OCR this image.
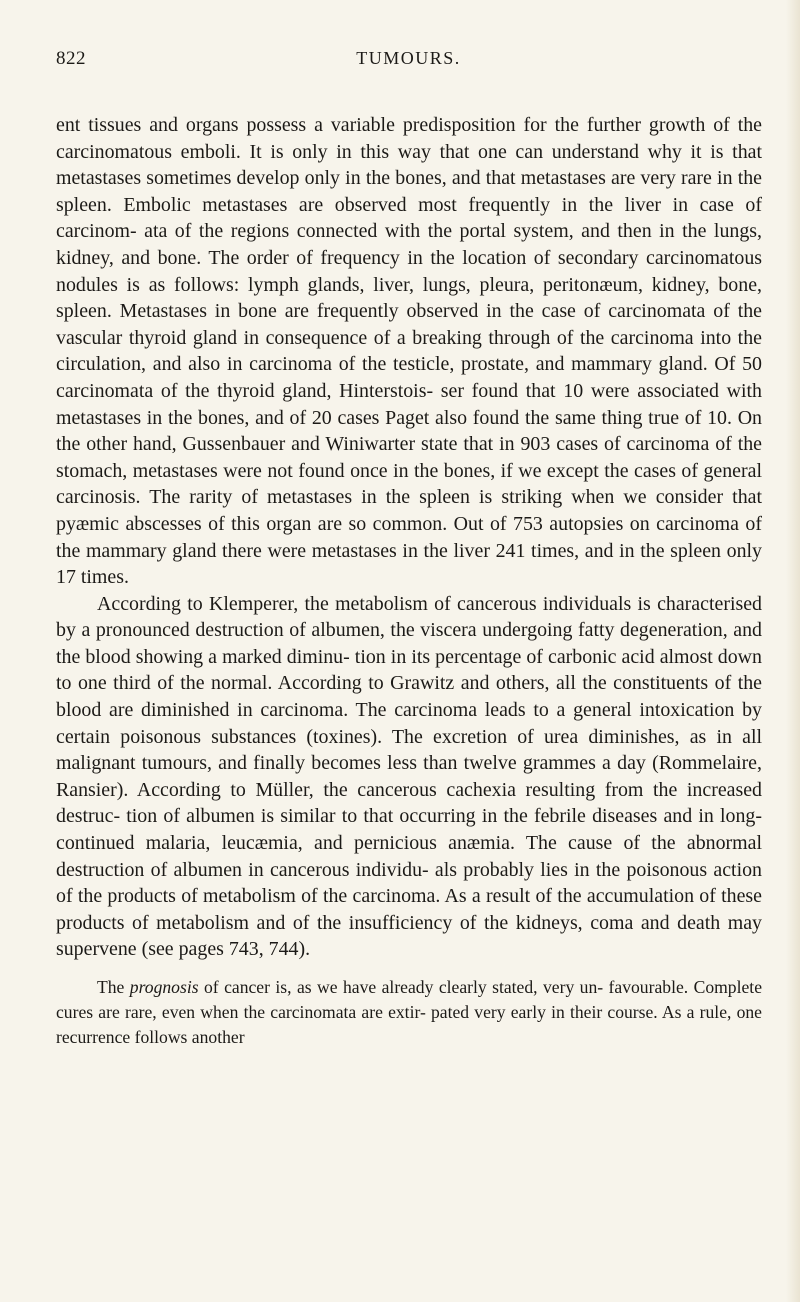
822	TUMOURS.

ent tissues and organs possess a variable predisposition for the further growth of the carcinomatous emboli. It is only in this way that one can understand why it is that metastases sometimes develop only in the bones, and that metastases are very rare in the spleen. Embolic metastases are observed most frequently in the liver in case of carcinom- ata of the regions connected with the portal system, and then in the lungs, kidney, and bone. The order of frequency in the location of secondary carcinomatous nodules is as follows: lymph glands, liver, lungs, pleura, peritonæum, kidney, bone, spleen. Metastases in bone are frequently observed in the case of carcinomata of the vascular thyroid gland in consequence of a breaking through of the carcinoma into the circulation, and also in carcinoma of the testicle, prostate, and mammary gland. Of 50 carcinomata of the thyroid gland, Hinterstois- ser found that 10 were associated with metastases in the bones, and of 20 cases Paget also found the same thing true of 10. On the other hand, Gussenbauer and Winiwarter state that in 903 cases of carcinoma of the stomach, metastases were not found once in the bones, if we except the cases of general carcinosis. The rarity of metastases in the spleen is striking when we consider that pyæmic abscesses of this organ are so common. Out of 753 autopsies on carcinoma of the mammary gland there were metastases in the liver 241 times, and in the spleen only 17 times.

According to Klemperer, the metabolism of cancerous individuals is characterised by a pronounced destruction of albumen, the viscera undergoing fatty degeneration, and the blood showing a marked diminu- tion in its percentage of carbonic acid almost down to one third of the normal. According to Grawitz and others, all the constituents of the blood are diminished in carcinoma. The carcinoma leads to a general intoxication by certain poisonous substances (toxines). The excretion of urea diminishes, as in all malignant tumours, and finally becomes less than twelve grammes a day (Rommelaire, Ransier). According to Müller, the cancerous cachexia resulting from the increased destruc- tion of albumen is similar to that occurring in the febrile diseases and in long-continued malaria, leucæmia, and pernicious anæmia. The cause of the abnormal destruction of albumen in cancerous individu- als probably lies in the poisonous action of the products of metabolism of the carcinoma. As a result of the accumulation of these products of metabolism and of the insufficiency of the kidneys, coma and death may supervene (see pages 743, 744).

The prognosis of cancer is, as we have already clearly stated, very un- favourable. Complete cures are rare, even when the carcinomata are extir- pated very early in their course. As a rule, one recurrence follows another
